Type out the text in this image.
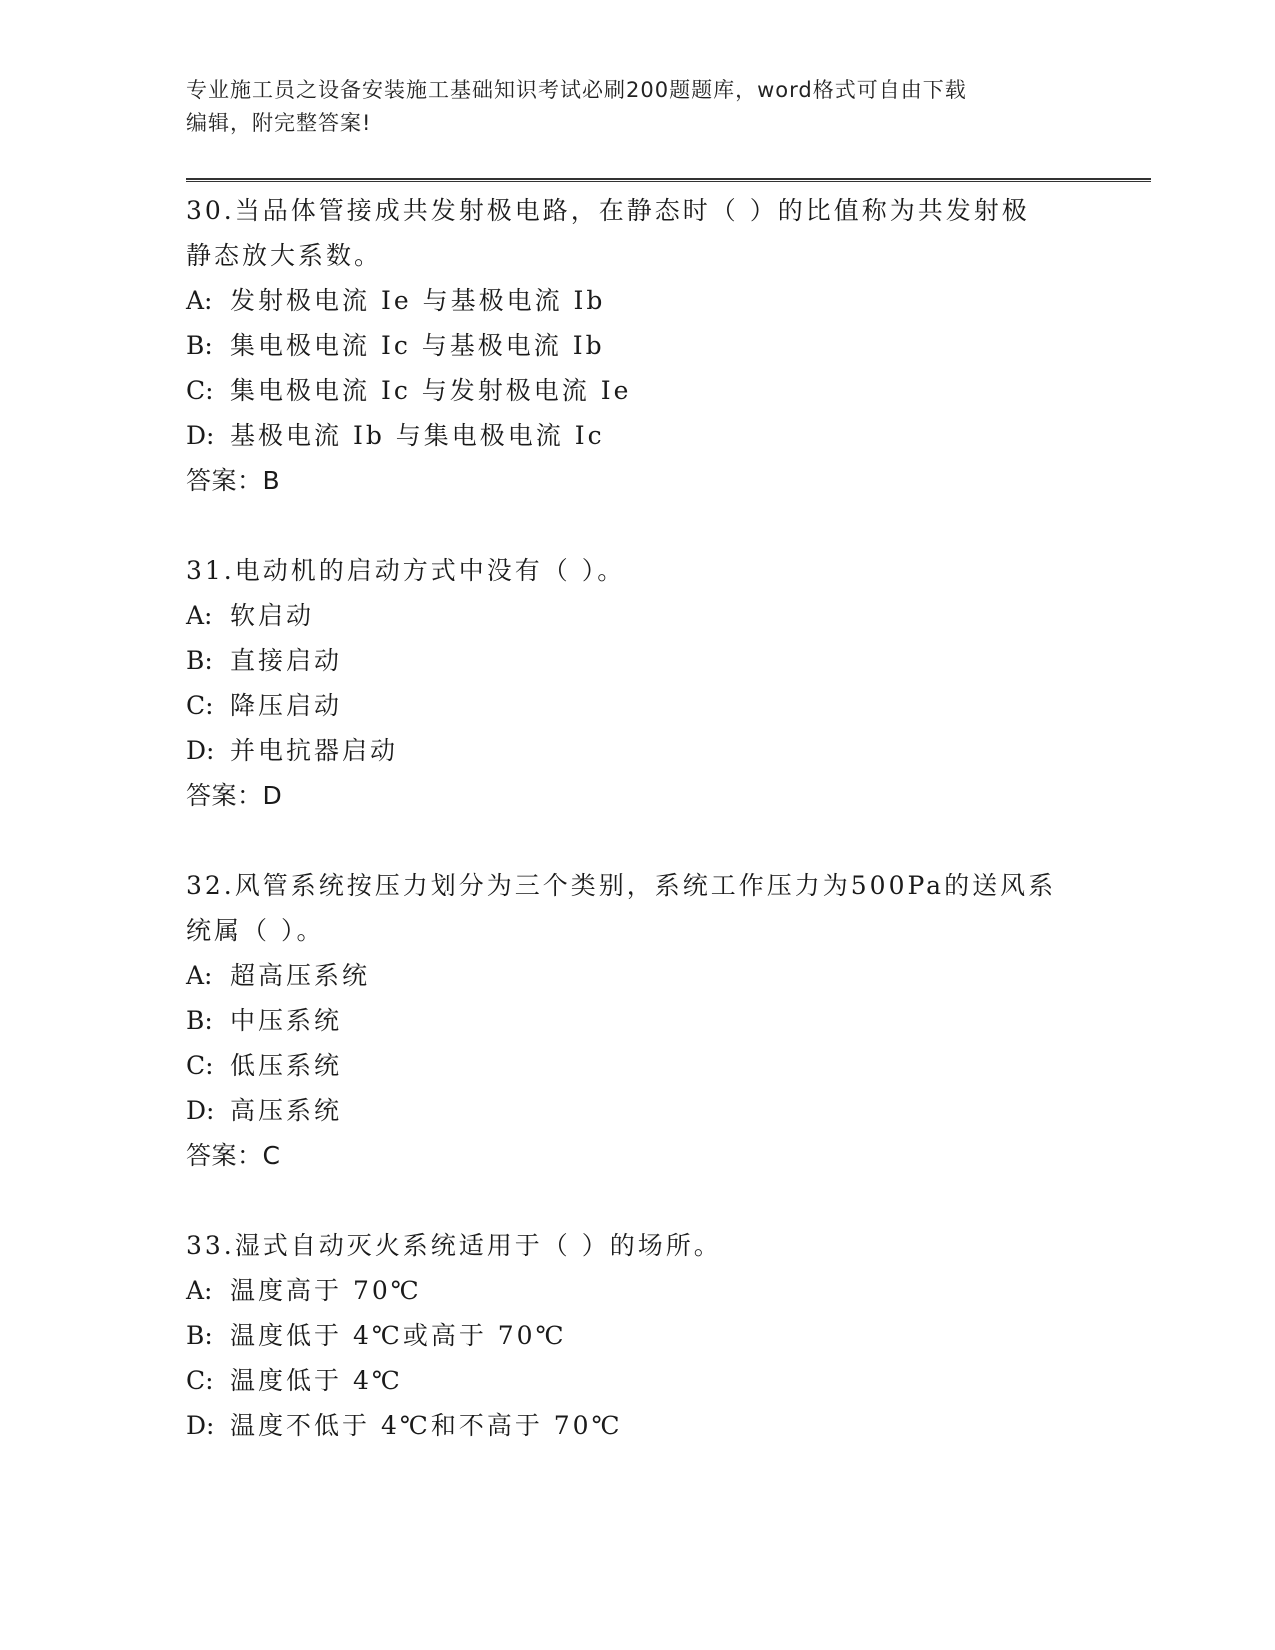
专业施工员之设备安装施工基础知识考试必刷200题题库，word格式可自由下载
编辑，附完整答案!

30.当品体管接成共发射极电路，在静态时（ ）的比值称为共发射极

静态放大系数。

A: 发射极电流 Ie 与基极电流 Ib

B: 集电极电流 Ic 与基极电流 Ib

C: 集电极电流 Ic 与发射极电流 Ie

D: 基极电流 Ib 与集电极电流 Ic

答案：B

31.电动机的启动方式中没有（ ）。

A: 软启动

B: 直接启动

C: 降压启动

D: 并电抗器启动

答案：D

32.风管系统按压力划分为三个类别，系统工作压力为500Pa的送风系

统属（ ）。

A: 超高压系统

B: 中压系统

C: 低压系统

D: 高压系统

答案：C

33.湿式自动灭火系统适用于（ ）的场所。

A: 温度高于 70℃

B: 温度低于 4℃或高于 70℃

C: 温度低于 4℃

D: 温度不低于 4℃和不高于 70℃
